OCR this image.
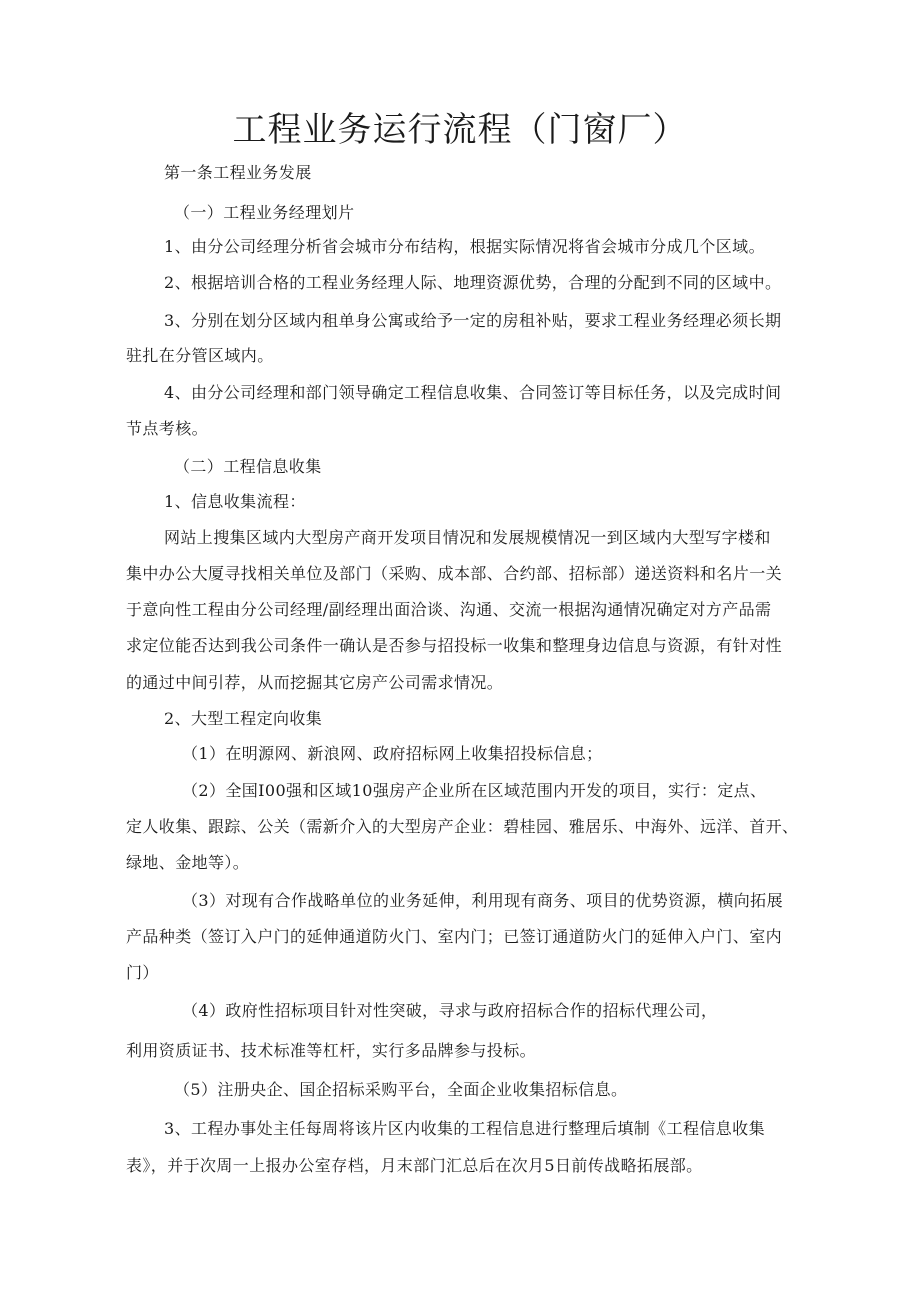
工程业务运行流程（门窗厂）
第一条工程业务发展
（一）工程业务经理划片
1、由分公司经理分析省会城市分布结构，根据实际情况将省会城市分成几个区域。
2、根据培训合格的工程业务经理人际、地理资源优势，合理的分配到不同的区域中。
3、分别在划分区域内租单身公寓或给予一定的房租补贴，要求工程业务经理必须长期
驻扎在分管区域内。
4、由分公司经理和部门领导确定工程信息收集、合同签订等目标任务，以及完成时间
节点考核。
（二）工程信息收集
1、信息收集流程：
网站上搜集区域内大型房产商开发项目情况和发展规模情况一到区域内大型写字楼和
集中办公大厦寻找相关单位及部门（采购、成本部、合约部、招标部）递送资料和名片一关
于意向性工程由分公司经理/副经理出面洽谈、沟通、交流一根据沟通情况确定对方产品需
求定位能否达到我公司条件一确认是否参与招投标一收集和整理身边信息与资源，有针对性
的通过中间引荐，从而挖掘其它房产公司需求情况。
2、大型工程定向收集
（1）在明源网、新浪网、政府招标网上收集招投标信息；
（2）全国I00强和区域10强房产企业所在区域范围内开发的项目，实行：定点、
定人收集、跟踪、公关（需新介入的大型房产企业：碧桂园、雅居乐、中海外、远洋、首开、
绿地、金地等）。
（3）对现有合作战略单位的业务延伸，利用现有商务、项目的优势资源，横向拓展
产品种类（签订入户门的延伸通道防火门、室内门；已签订通道防火门的延伸入户门、室内
门）
（4）政府性招标项目针对性突破，寻求与政府招标合作的招标代理公司，
利用资质证书、技术标准等杠杆，实行多品牌参与投标。
（5）注册央企、国企招标采购平台，全面企业收集招标信息。
3、工程办事处主任每周将该片区内收集的工程信息进行整理后填制《工程信息收集
表》，并于次周一上报办公室存档，月末部门汇总后在次月5日前传战略拓展部。
